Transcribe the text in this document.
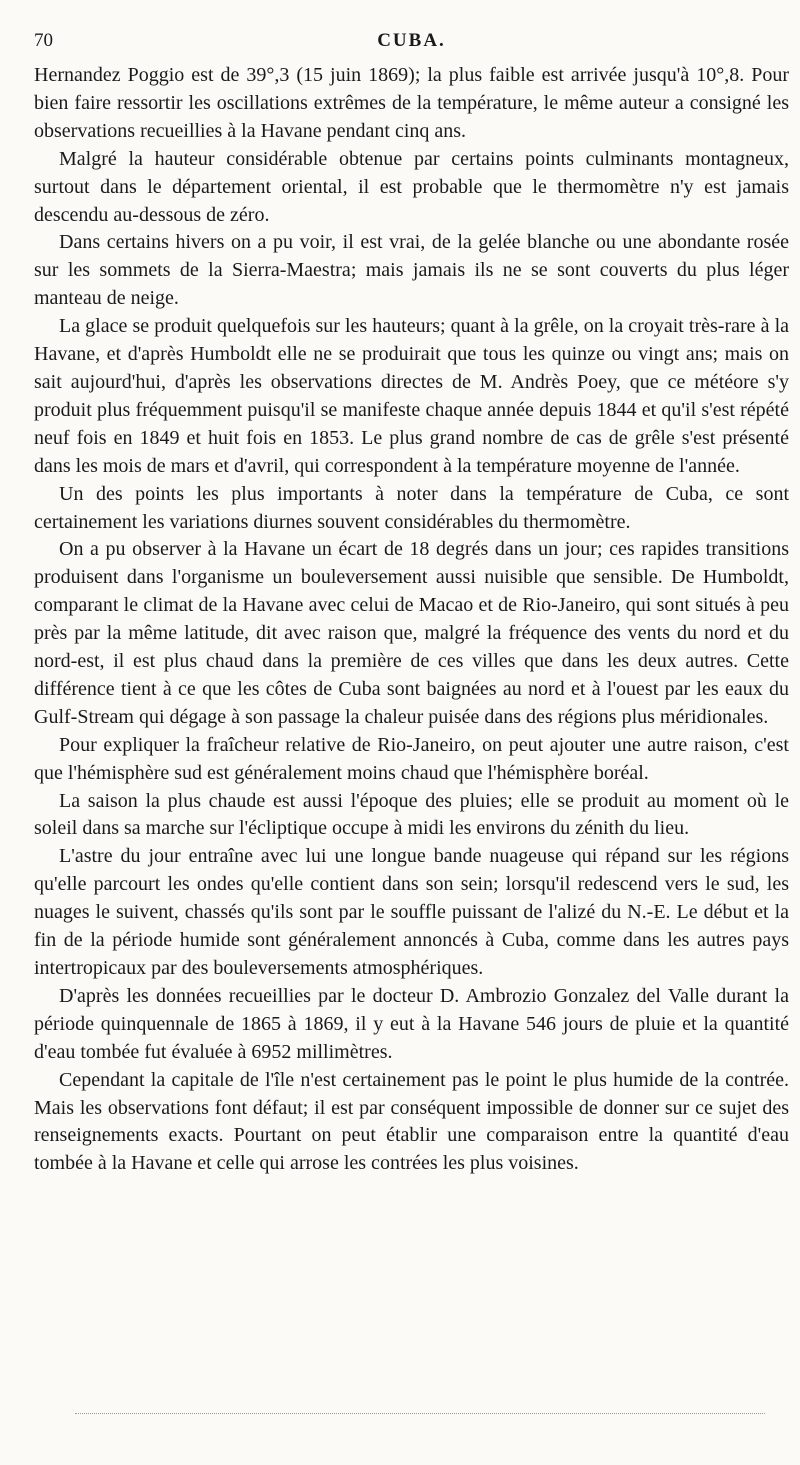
70	CUBA.

Hernandez Poggio est de 39°,3 (15 juin 1869); la plus faible est arrivée jusqu'à 10°,8. Pour bien faire ressortir les oscillations extrêmes de la température, le même auteur a consigné les observations recueillies à la Havane pendant cinq ans.

Malgré la hauteur considérable obtenue par certains points culminants montagneux, surtout dans le département oriental, il est probable que le thermomètre n'y est jamais descendu au-dessous de zéro.

Dans certains hivers on a pu voir, il est vrai, de la gelée blanche ou une abondante rosée sur les sommets de la Sierra-Maestra; mais jamais ils ne se sont couverts du plus léger manteau de neige.

La glace se produit quelquefois sur les hauteurs; quant à la grêle, on la croyait très-rare à la Havane, et d'après Humboldt elle ne se produirait que tous les quinze ou vingt ans; mais on sait aujourd'hui, d'après les observations directes de M. Andrès Poey, que ce météore s'y produit plus fréquemment puisqu'il se manifeste chaque année depuis 1844 et qu'il s'est répété neuf fois en 1849 et huit fois en 1853. Le plus grand nombre de cas de grêle s'est présenté dans les mois de mars et d'avril, qui correspondent à la température moyenne de l'année.

Un des points les plus importants à noter dans la température de Cuba, ce sont certainement les variations diurnes souvent considérables du thermomètre.

On a pu observer à la Havane un écart de 18 degrés dans un jour; ces rapides transitions produisent dans l'organisme un bouleversement aussi nuisible que sensible. De Humboldt, comparant le climat de la Havane avec celui de Macao et de Rio-Janeiro, qui sont situés à peu près par la même latitude, dit avec raison que, malgré la fréquence des vents du nord et du nord-est, il est plus chaud dans la première de ces villes que dans les deux autres. Cette différence tient à ce que les côtes de Cuba sont baignées au nord et à l'ouest par les eaux du Gulf-Stream qui dégage à son passage la chaleur puisée dans des régions plus méridionales.

Pour expliquer la fraîcheur relative de Rio-Janeiro, on peut ajouter une autre raison, c'est que l'hémisphère sud est généralement moins chaud que l'hémisphère boréal.

La saison la plus chaude est aussi l'époque des pluies; elle se produit au moment où le soleil dans sa marche sur l'écliptique occupe à midi les environs du zénith du lieu.

L'astre du jour entraîne avec lui une longue bande nuageuse qui répand sur les régions qu'elle parcourt les ondes qu'elle contient dans son sein; lorsqu'il redescend vers le sud, les nuages le suivent, chassés qu'ils sont par le souffle puissant de l'alizé du N.-E. Le début et la fin de la période humide sont généralement annoncés à Cuba, comme dans les autres pays intertropicaux par des bouleversements atmosphériques.

D'après les données recueillies par le docteur D. Ambrozio Gonzalez del Valle durant la période quinquennale de 1865 à 1869, il y eut à la Havane 546 jours de pluie et la quantité d'eau tombée fut évaluée à 6952 millimètres.

Cependant la capitale de l'île n'est certainement pas le point le plus humide de la contrée. Mais les observations font défaut; il est par conséquent impossible de donner sur ce sujet des renseignements exacts. Pourtant on peut établir une comparaison entre la quantité d'eau tombée à la Havane et celle qui arrose les contrées les plus voisines.
